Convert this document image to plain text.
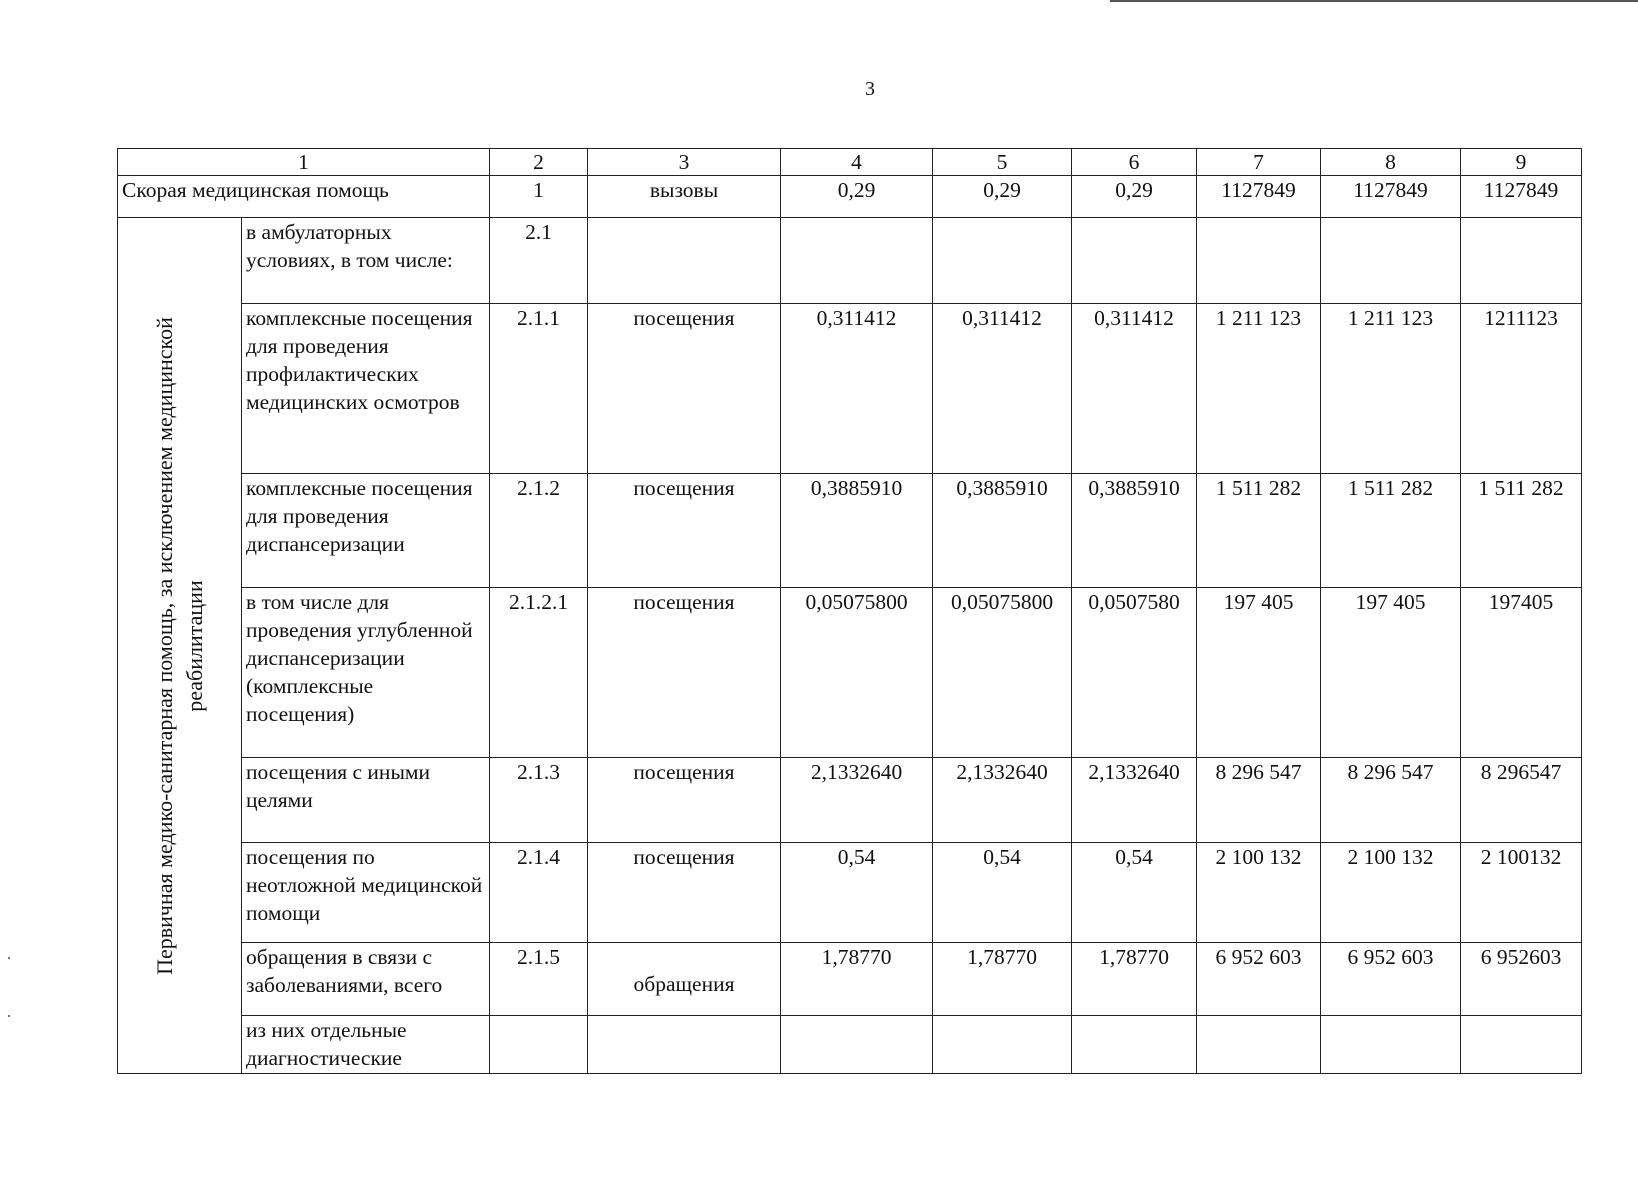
3
1		2	3	4	5	6	7	8	9
Скорая медицинская помощь		1	вызовы	0,29	0,29	0,29	1127849	1127849	1127849

Первичная медико-санитарная помощь, за исключением медицинской реабилитации	в амбулаторных условиях, в том числе:	2.1							
	комплексные посещения для проведения профилактических медицинских осмотров	2.1.1	посещения	0,311412	0,311412	0,311412	1 211 123	1 211 123	1211123
	комплексные посещения для проведения диспансеризации	2.1.2	посещения	0,3885910	0,3885910	0,3885910	1 511 282	1 511 282	1 511 282
	в том числе для проведения углубленной диспансеризации (комплексные посещения)	2.1.2.1	посещения	0,05075800	0,05075800	0,0507580	197 405	197 405	197405
	посещения с иными целями	2.1.3	посещения	2,1332640	2,1332640	2,1332640	8 296 547	8 296 547	8 296547
	посещения по неотложной медицинской помощи	2.1.4	посещения	0,54	0,54	0,54	2 100 132	2 100 132	2 100132
	обращения в связи с заболеваниями, всего	2.1.5	обращения	1,78770	1,78770	1,78770	6 952 603	6 952 603	6 952603
	из них отдельные диагностические								
